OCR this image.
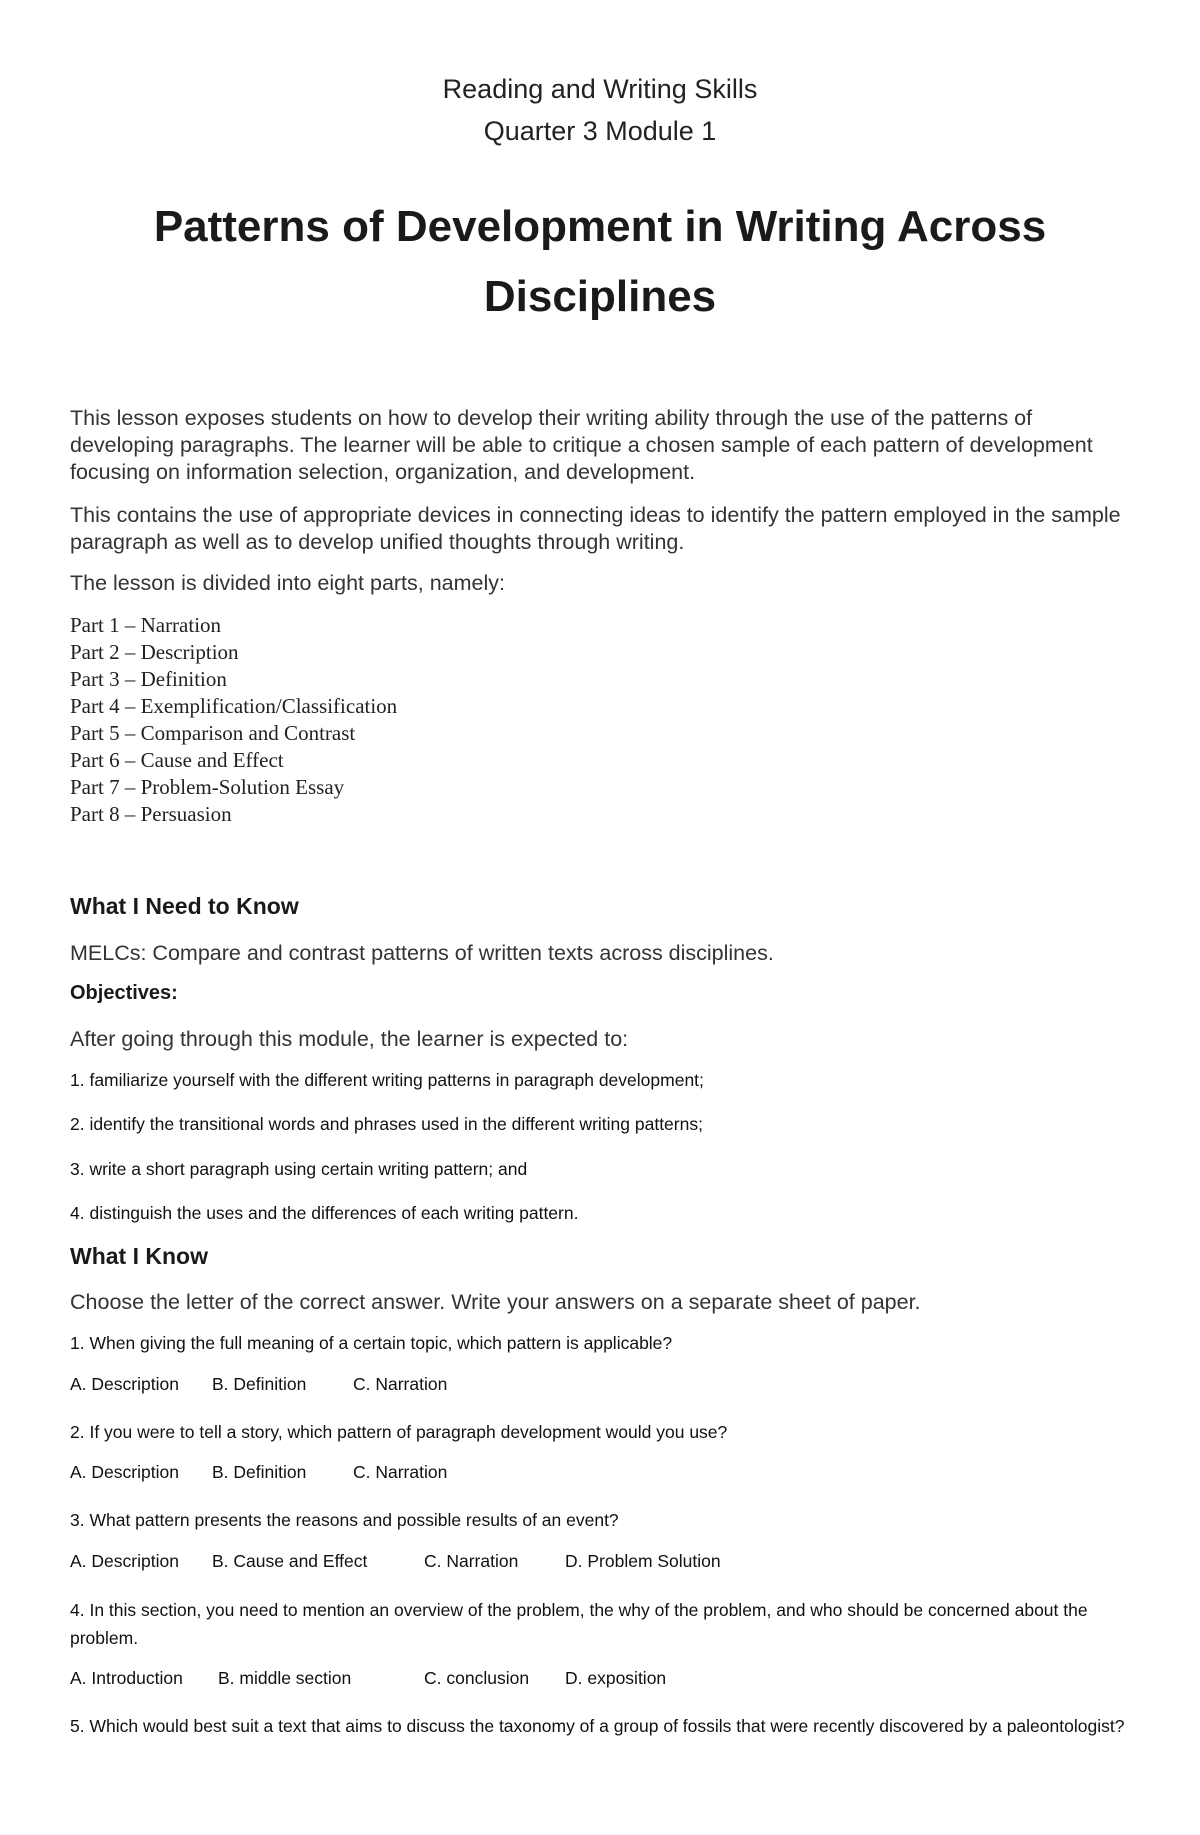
Reading and Writing Skills
Quarter 3 Module 1
Patterns of Development in Writing Across Disciplines
This lesson exposes students on how to develop their writing ability through the use of the patterns of developing paragraphs. The learner will be able to critique a chosen sample of each pattern of development focusing on information selection, organization, and development.
This contains the use of appropriate devices in connecting ideas to identify the pattern employed in the sample paragraph as well as to develop unified thoughts through writing.
The lesson is divided into eight parts, namely:
Part 1 – Narration
Part 2 – Description
Part 3 – Definition
Part 4 – Exemplification/Classification
Part 5 – Comparison and Contrast
Part 6 – Cause and Effect
Part 7 – Problem-Solution Essay
Part 8 – Persuasion
What I Need to Know
MELCs: Compare and contrast patterns of written texts across disciplines.
Objectives:
After going through this module, the learner is expected to:
1. familiarize yourself with the different writing patterns in paragraph development;
2. identify the transitional words and phrases used in the different writing patterns;
3. write a short paragraph using certain writing pattern; and
4. distinguish the uses and the differences of each writing pattern.
What I Know
Choose the letter of the correct answer. Write your answers on a separate sheet of paper.
1. When giving the full meaning of a certain topic, which pattern is applicable?
A. Description B. Definition	C. Narration
2. If you were to tell a story, which pattern of paragraph development would you use?
A. Description B. Definition	C. Narration
3. What pattern presents the reasons and possible results of an event?
A. Description B. Cause and Effect	C. Narration	D. Problem Solution
4. In this section, you need to mention an overview of the problem, the why of the problem, and who should be concerned about the problem.
A. Introduction B. middle section	C. conclusion D. exposition
5. Which would best suit a text that aims to discuss the taxonomy of a group of fossils that were recently discovered by a paleontologist?
